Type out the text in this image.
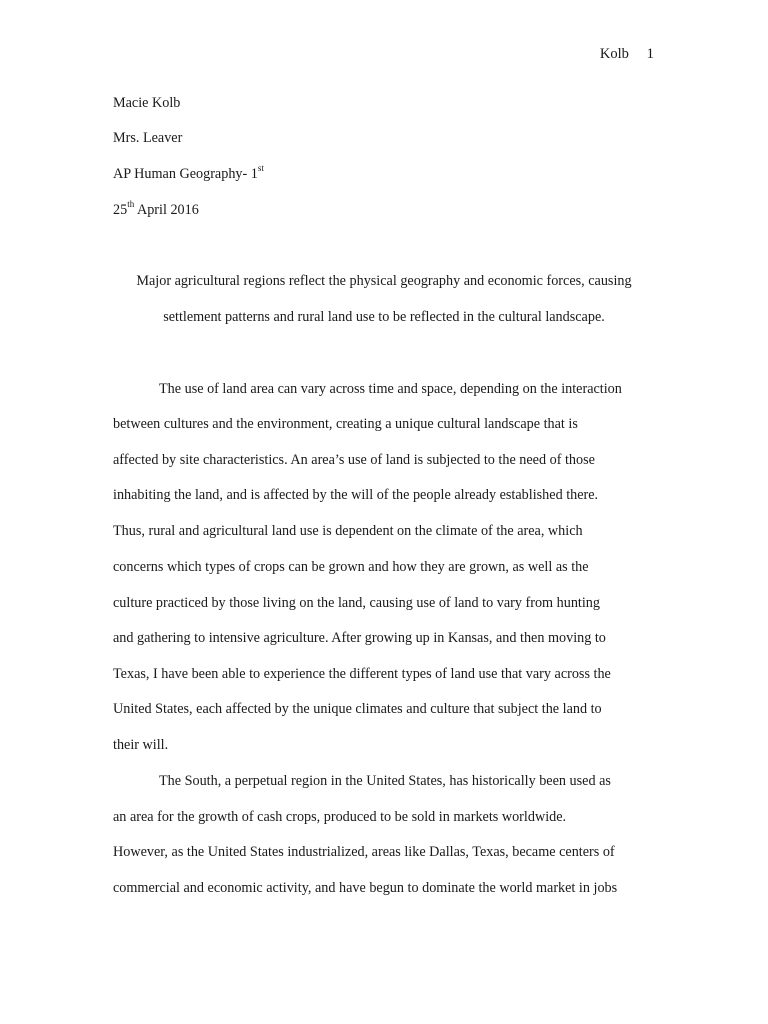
Kolb 1
Macie Kolb
Mrs. Leaver
AP Human Geography- 1st
25th April 2016
Major agricultural regions reflect the physical geography and economic forces, causing
settlement patterns and rural land use to be reflected in the cultural landscape.
The use of land area can vary across time and space, depending on the interaction
between cultures and the environment, creating a unique cultural landscape that is
affected by site characteristics. An area’s use of land is subjected to the need of those
inhabiting the land, and is affected by the will of the people already established there.
Thus, rural and agricultural land use is dependent on the climate of the area, which
concerns which types of crops can be grown and how they are grown, as well as the
culture practiced by those living on the land, causing use of land to vary from hunting
and gathering to intensive agriculture. After growing up in Kansas, and then moving to
Texas, I have been able to experience the different types of land use that vary across the
United States, each affected by the unique climates and culture that subject the land to
their will.
The South, a perpetual region in the United States, has historically been used as
an area for the growth of cash crops, produced to be sold in markets worldwide.
However, as the United States industrialized, areas like Dallas, Texas, became centers of
commercial and economic activity, and have begun to dominate the world market in jobs
